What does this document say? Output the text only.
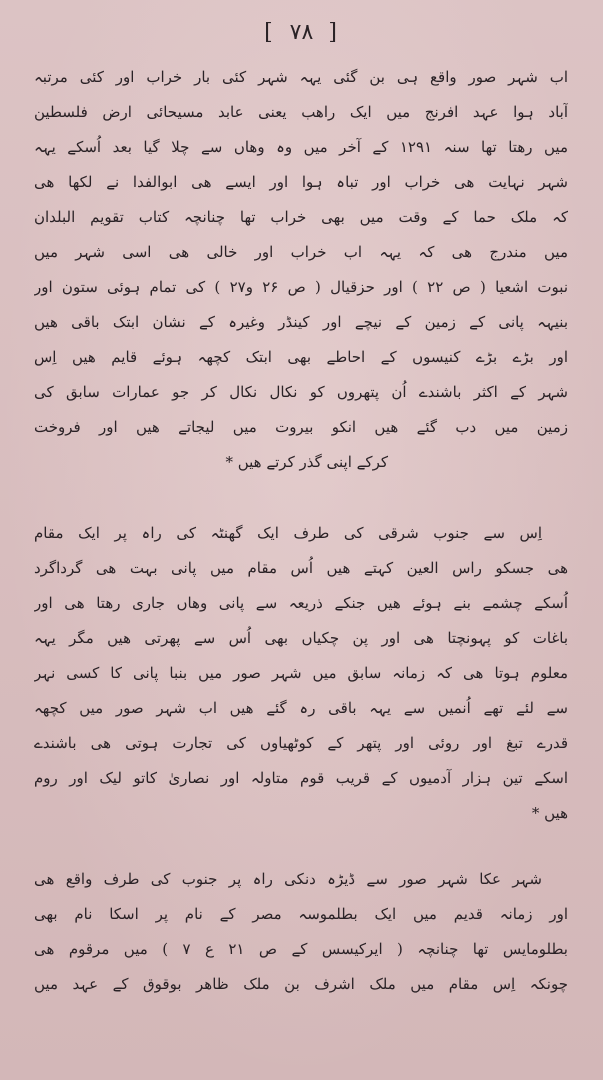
[ ٧٨ ]
اب شہر صور واقع ہی بن گئی یہہ شہر کئی بار خراب اور کئی مرتبہ
آباد ہوا عہد افرنج میں ایک راھب یعنی عابد مسیحائی ارض فلسطین
میں رھتا تھا سنہ ۱۲۹۱ کے آخر میں وہ وھاں سے چلا گیا بعد اُسکے یہہ
شہر نہایت ھی خراب اور تباہ ہوا اور ایسے ھی ابوالفدا نے لکھا ھی
کہ ملک حما کے وقت میں بھی خراب تھا چنانچہ کتاب تقویم البلدان
میں مندرج ھی کہ یہہ اب خراب اور خالی ھی اسی شہر میں
نبوت اشعیا ( ص ۲۲ ) اور حزقیال ( ص ۲۶ و۲۷ ) کی تمام ہوئی ستون اور
بنیہہ پانی کے زمین کے نیچے اور کینڈر وغیرہ کے نشان ابتک باقی ھیں
اور بڑے بڑے کنیسوں کے احاطے بھی ابتک کچھہ ہوئے قایم ھیں اِس
شہر کے اکثر باشندے اُن پتھروں کو نکال نکال کر جو عمارات سابق کی
زمین میں دب گئے ھیں انکو بیروت میں لیجاتے ھیں اور فروخت
کرکے اپنی گذر کرتے ھیں *
اِس سے جنوب شرقی کی طرف ایک گھنٹہ کی راہ پر ایک مقام
ھی جسکو راس العین کہتے ھیں اُس مقام میں پانی بہت ھی گرداگرد
اُسکے چشمے بنے ہوئے ھیں جنکے ذریعہ سے پانی وھاں جاری رھتا ھی اور
باغات کو پہونچتا ھی اور پن چکیاں بھی اُس سے پھرتی ھیں مگر یہہ
معلوم ہوتا ھی کہ زمانہ سابق میں شہر صور میں بنبا پانی کا کسی نہر
سے لئے تھے اُنمیں سے یہہ باقی رہ گئے ھیں اب شہر صور میں کچھہ
قدرے تبغ اور روئی اور پتھر کے کوٹھیاوں کی تجارت ہوتی ھی باشندے
اسکے تین ہزار آدمیوں کے قریب قوم متاولہ اور نصاریٰ کاتو لیک اور روم
ھیں *
شہر عکا شہر صور سے ڈیڑہ دنکی راہ پر جنوب کی طرف واقع ھی
اور زمانہ قدیم میں ایک بطلموسہ مصر کے نام پر اسکا نام بھی
بطلومایس تھا چنانچہ ( ایرکیسس کے ص ۲۱ ع ۷ ) میں مرقوم ھی
چونکہ اِس مقام میں ملک اشرف بن ملک ظاھر بوقوق کے عہد میں
